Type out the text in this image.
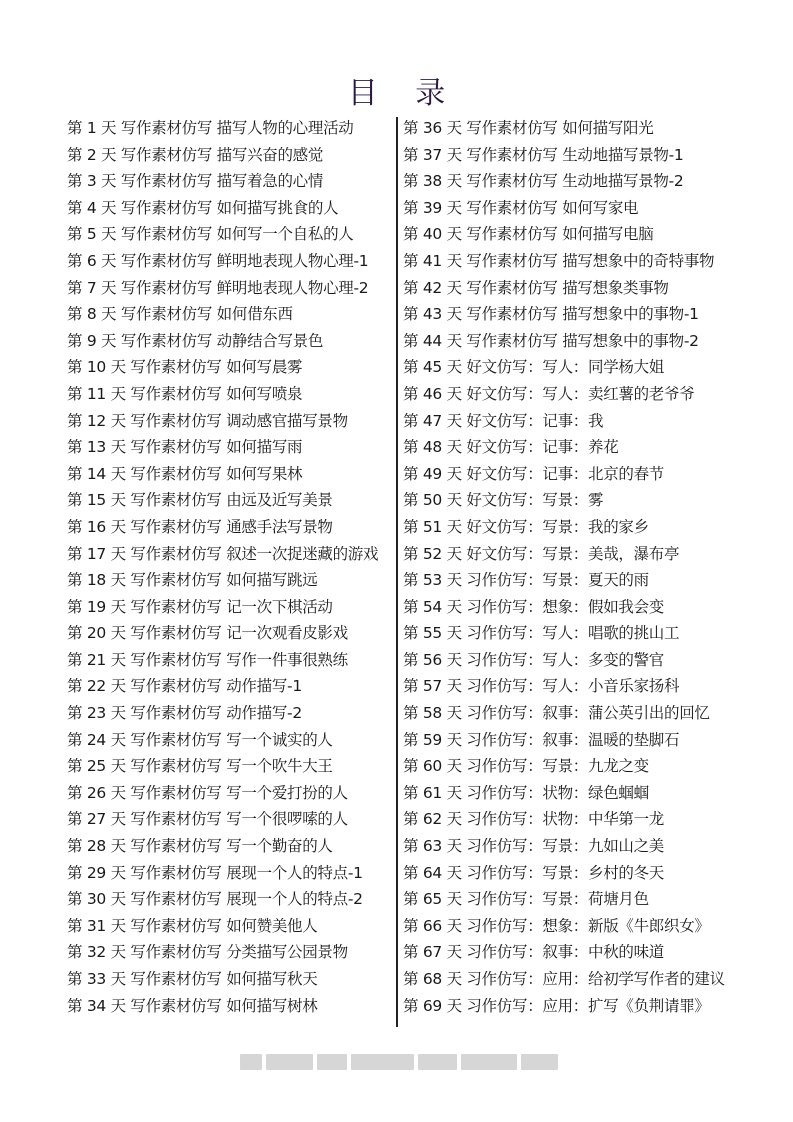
目 录
第 1 天 写作素材仿写 描写人物的心理活动
第 2 天 写作素材仿写 描写兴奋的感觉
第 3 天 写作素材仿写 描写着急的心情
第 4 天 写作素材仿写 如何描写挑食的人
第 5 天 写作素材仿写 如何写一个自私的人
第 6 天 写作素材仿写 鲜明地表现人物心理-1
第 7 天 写作素材仿写 鲜明地表现人物心理-2
第 8 天 写作素材仿写 如何借东西
第 9 天 写作素材仿写 动静结合写景色
第 10 天 写作素材仿写 如何写晨雾
第 11 天 写作素材仿写 如何写喷泉
第 12 天 写作素材仿写 调动感官描写景物
第 13 天 写作素材仿写 如何描写雨
第 14 天 写作素材仿写 如何写果林
第 15 天 写作素材仿写 由远及近写美景
第 16 天 写作素材仿写 通感手法写景物
第 17 天 写作素材仿写 叙述一次捉迷藏的游戏
第 18 天 写作素材仿写 如何描写跳远
第 19 天 写作素材仿写 记一次下棋活动
第 20 天 写作素材仿写 记一次观看皮影戏
第 21 天 写作素材仿写 写作一件事很熟练
第 22 天 写作素材仿写 动作描写-1
第 23 天 写作素材仿写 动作描写-2
第 24 天 写作素材仿写 写一个诚实的人
第 25 天 写作素材仿写 写一个吹牛大王
第 26 天 写作素材仿写 写一个爱打扮的人
第 27 天 写作素材仿写 写一个很啰嗦的人
第 28 天 写作素材仿写 写一个勤奋的人
第 29 天 写作素材仿写 展现一个人的特点-1
第 30 天 写作素材仿写 展现一个人的特点-2
第 31 天 写作素材仿写 如何赞美他人
第 32 天 写作素材仿写 分类描写公园景物
第 33 天 写作素材仿写 如何描写秋天
第 34 天 写作素材仿写 如何描写树林
第 36 天 写作素材仿写 如何描写阳光
第 37 天 写作素材仿写 生动地描写景物-1
第 38 天 写作素材仿写 生动地描写景物-2
第 39 天 写作素材仿写 如何写家电
第 40 天 写作素材仿写 如何描写电脑
第 41 天 写作素材仿写 描写想象中的奇特事物
第 42 天 写作素材仿写 描写想象类事物
第 43 天 写作素材仿写 描写想象中的事物-1
第 44 天 写作素材仿写 描写想象中的事物-2
第 45 天 好文仿写：写人：同学杨大姐
第 46 天 好文仿写：写人：卖红薯的老爷爷
第 47 天 好文仿写：记事：我
第 48 天 好文仿写：记事：养花
第 49 天 好文仿写：记事：北京的春节
第 50 天 好文仿写：写景：雾
第 51 天 好文仿写：写景：我的家乡
第 52 天 好文仿写：写景：美哉，瀑布亭
第 53 天 习作仿写：写景：夏天的雨
第 54 天 习作仿写：想象：假如我会变
第 55 天 习作仿写：写人：唱歌的挑山工
第 56 天 习作仿写：写人：多变的警官
第 57 天 习作仿写：写人：小音乐家扬科
第 58 天 习作仿写：叙事：蒲公英引出的回忆
第 59 天 习作仿写：叙事：温暖的垫脚石
第 60 天 习作仿写：写景：九龙之变
第 61 天 习作仿写：状物：绿色蝈蝈
第 62 天 习作仿写：状物：中华第一龙
第 63 天 习作仿写：写景：九如山之美
第 64 天 习作仿写：写景：乡村的冬天
第 65 天 习作仿写：写景：荷塘月色
第 66 天 习作仿写：想象：新版《牛郎织女》
第 67 天 习作仿写：叙事：中秋的味道
第 68 天 习作仿写：应用：给初学写作者的建议
第 69 天 习作仿写：应用：扩写《负荆请罪》
